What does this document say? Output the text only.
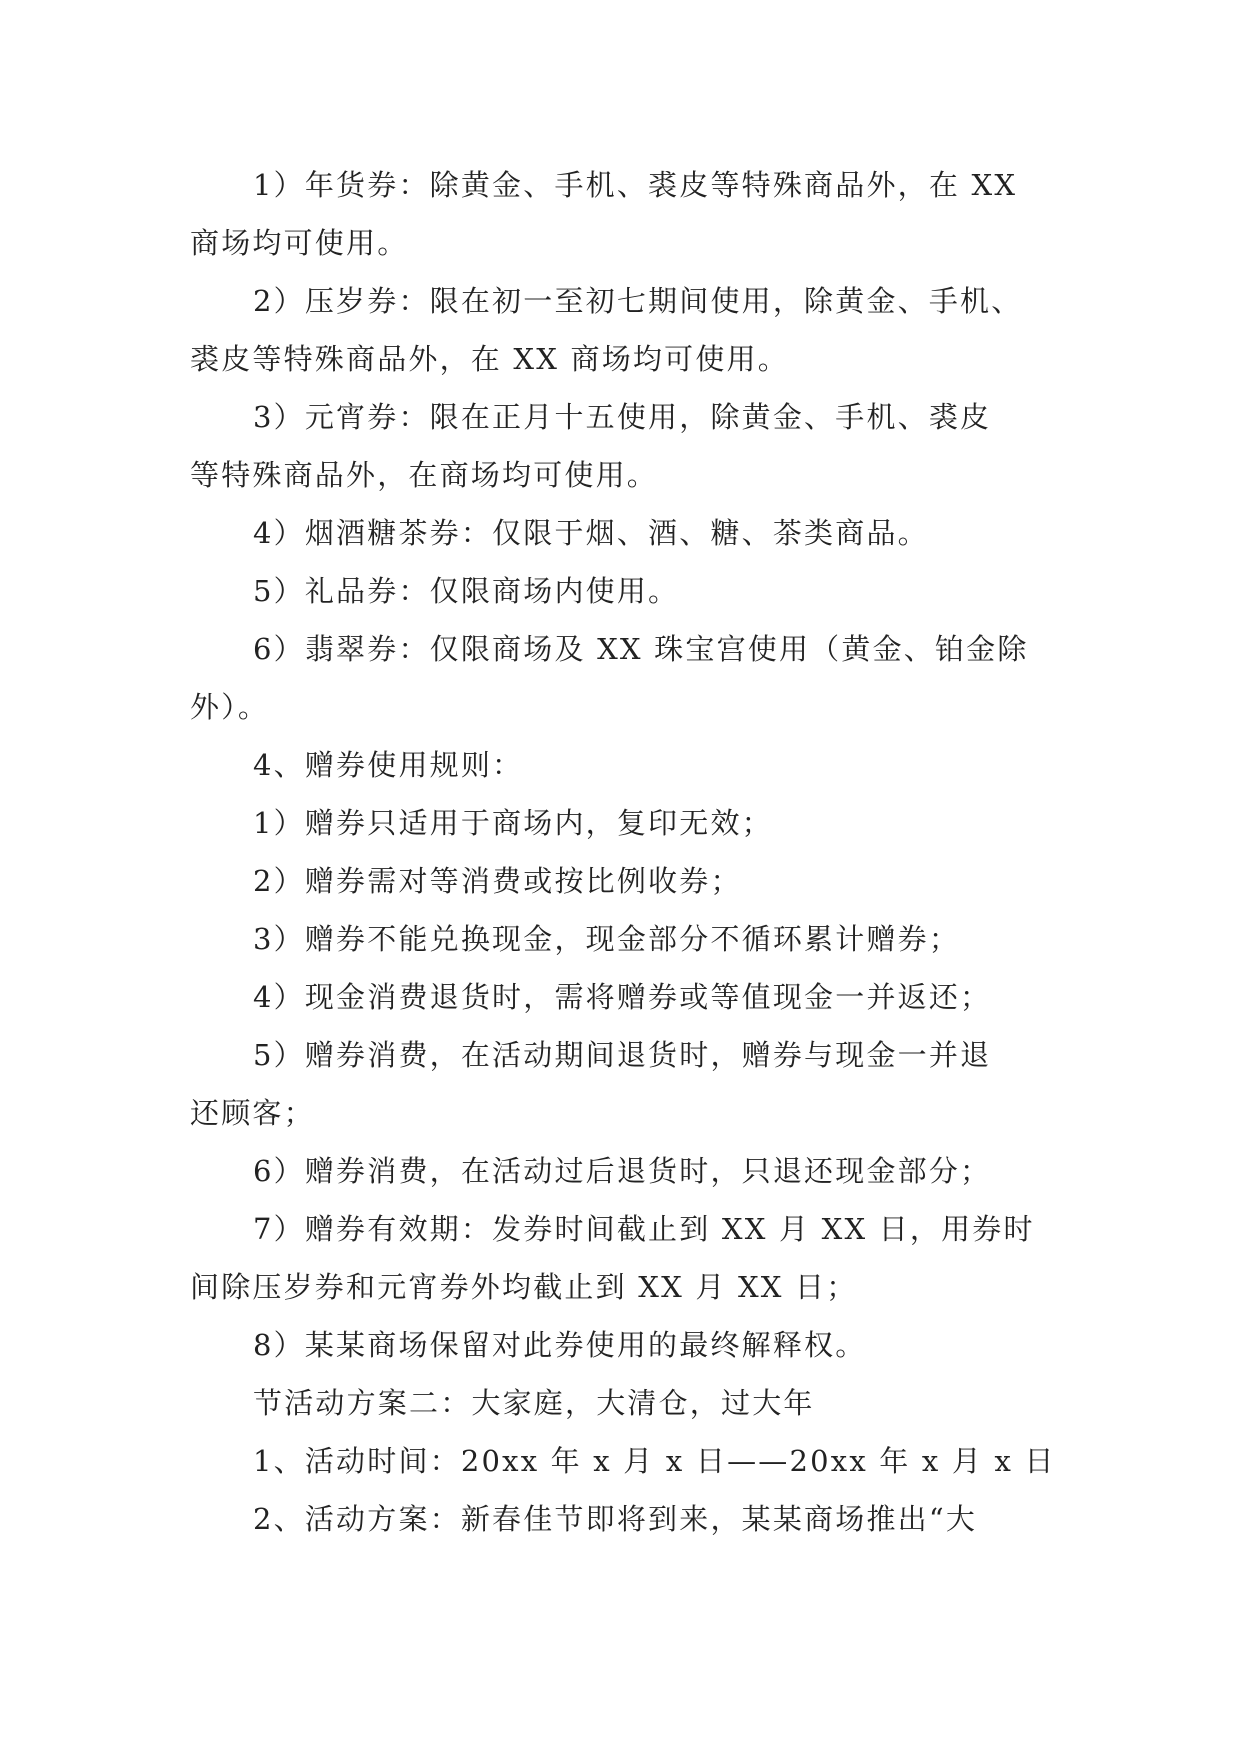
1）年货券：除黄金、手机、裘皮等特殊商品外，在 XX
商场均可使用。
2）压岁券：限在初一至初七期间使用，除黄金、手机、
裘皮等特殊商品外，在 XX 商场均可使用。
3）元宵券：限在正月十五使用，除黄金、手机、裘皮
等特殊商品外，在商场均可使用。
4）烟酒糖茶券：仅限于烟、酒、糖、茶类商品。
5）礼品券：仅限商场内使用。
6）翡翠券：仅限商场及 XX 珠宝宫使用（黄金、铂金除
外）。
4、赠券使用规则：
1）赠券只适用于商场内，复印无效；
2）赠券需对等消费或按比例收券；
3）赠券不能兑换现金，现金部分不循环累计赠券；
4）现金消费退货时，需将赠券或等值现金一并返还；
5）赠券消费，在活动期间退货时，赠券与现金一并退
还顾客；
6）赠券消费，在活动过后退货时，只退还现金部分；
7）赠券有效期：发券时间截止到 XX 月 XX 日，用券时
间除压岁券和元宵券外均截止到 XX 月 XX 日；
8）某某商场保留对此券使用的最终解释权。
节活动方案二：大家庭，大清仓，过大年
1、活动时间：20xx 年 x 月 x 日——20xx 年 x 月 x 日
2、活动方案：新春佳节即将到来，某某商场推出“大
